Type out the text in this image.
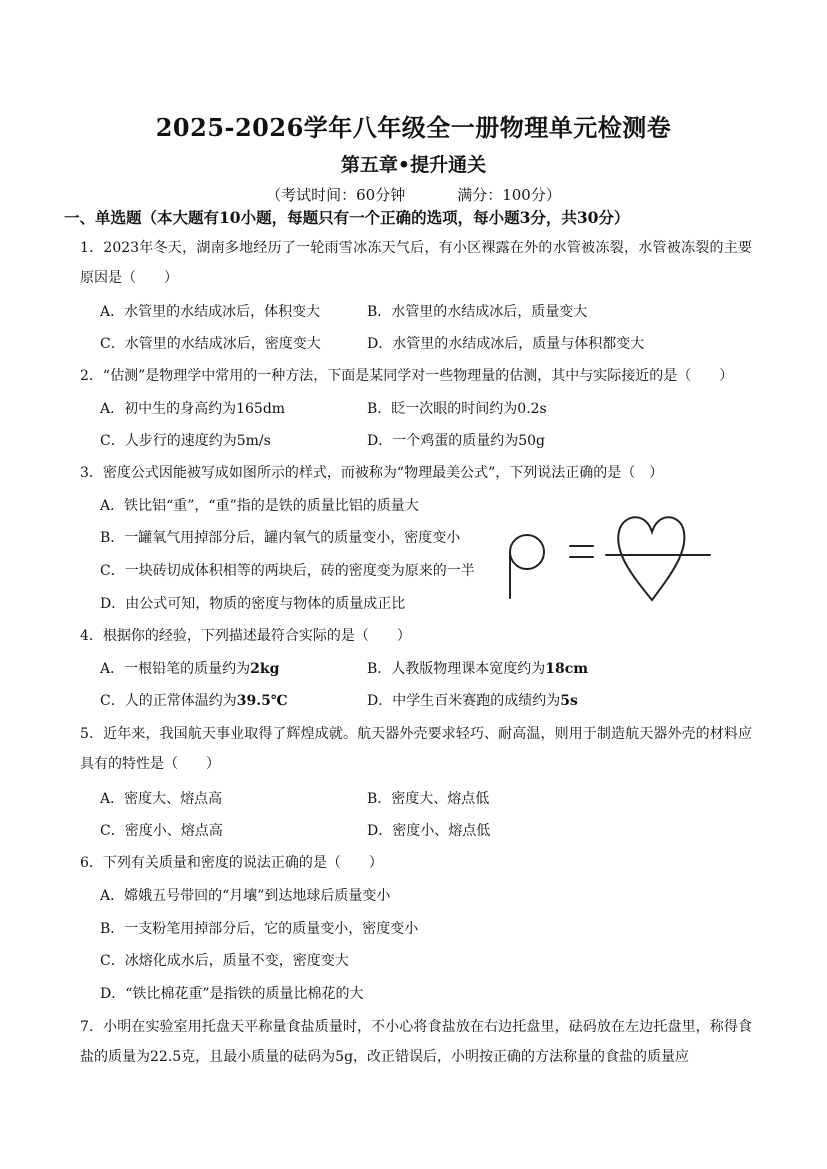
2025-2026学年八年级全一册物理单元检测卷
第五章•提升通关
（考试时间：60分钟	满分：100分）
一、单选题（本大题有10小题，每题只有一个正确的选项，每小题3分，共30分）
1．2023年冬天，湖南多地经历了一轮雨雪冰冻天气后，有小区裸露在外的水管被冻裂，水管被冻裂的主要原因是（　　）
A．水管里的水结成冰后，体积变大	B．水管里的水结成冰后，质量变大
C．水管里的水结成冰后，密度变大	D．水管里的水结成冰后，质量与体积都变大
2．“估测”是物理学中常用的一种方法，下面是某同学对一些物理量的估测，其中与实际接近的是（　　）
A．初中生的身高约为165dm	B．眨一次眼的时间约为0.2s
C．人步行的速度约为5m/s	D．一个鸡蛋的质量约为50g
3．密度公式因能被写成如图所示的样式，而被称为“物理最美公式”，下列说法正确的是（　）
A．铁比铝“重”，“重”指的是铁的质量比铝的质量大
B．一罐氧气用掉部分后，罐内氧气的质量变小，密度变小
C．一块砖切成体积相等的两块后，砖的密度变为原来的一半
D．由公式可知，物质的密度与物体的质量成正比
4．根据你的经验，下列描述最符合实际的是（　　）
A．一根铅笔的质量约为2kg	B．人教版物理课本宽度约为18cm
C．人的正常体温约为39.5℃	D．中学生百米赛跑的成绩约为5s
5．近年来，我国航天事业取得了辉煌成就。航天器外壳要求轻巧、耐高温，则用于制造航天器外壳的材料应具有的特性是（　　）
A．密度大、熔点高	B．密度大、熔点低
C．密度小、熔点高	D．密度小、熔点低
6．下列有关质量和密度的说法正确的是（　　）
A．嫦娥五号带回的“月壤”到达地球后质量变小
B．一支粉笔用掉部分后，它的质量变小，密度变小
C．冰熔化成水后，质量不变，密度变大
D．“铁比棉花重”是指铁的质量比棉花的大
7．小明在实验室用托盘天平称量食盐质量时，不小心将食盐放在右边托盘里，砝码放在左边托盘里，称得食盐的质量为22.5克，且最小质量的砝码为5g，改正错误后，小明按正确的方法称量的食盐的质量应
